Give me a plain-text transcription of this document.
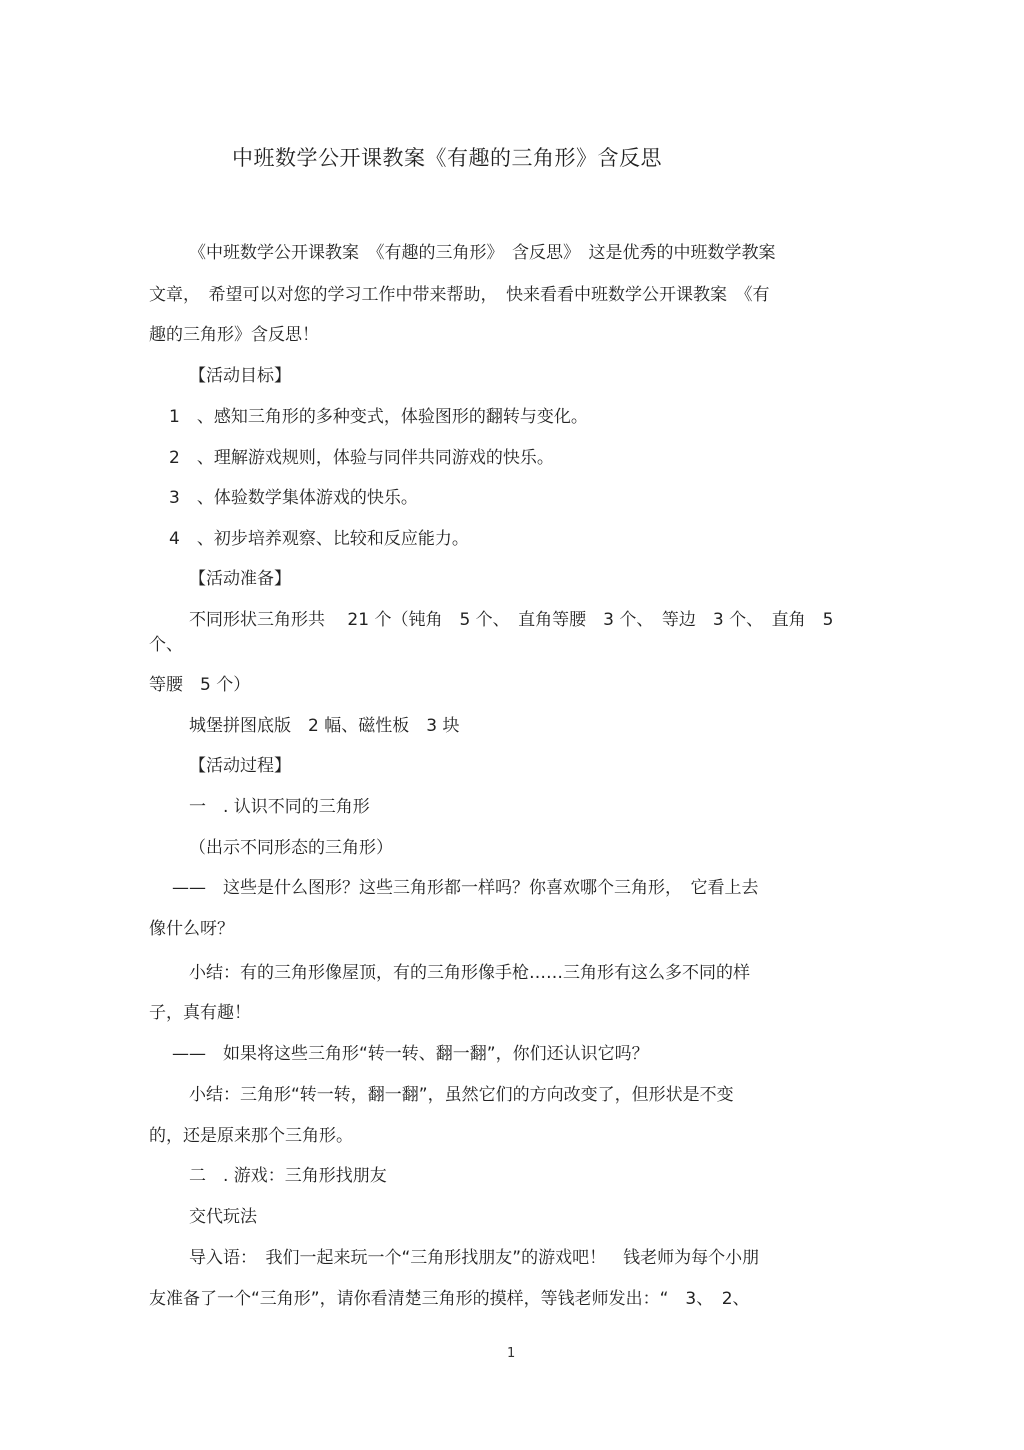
中班数学公开课教案《有趣的三角形》含反思
《中班数学公开课教案　《有趣的三角形》　含反思》　这是优秀的中班数学教案
文章，　希望可以对您的学习工作中带来帮助，　快来看看中班数学公开课教案　《有
趣的三角形》含反思！
【活动目标】
1　、感知三角形的多种变式，体验图形的翻转与变化。
2　、理解游戏规则，体验与同伴共同游戏的快乐。
3　、体验数学集体游戏的快乐。
4　、初步培养观察、比较和反应能力。
【活动准备】
不同形状三角形共　 21 个（钝角　5 个、　直角等腰　3 个、　等边　3 个、　直角　5
个、
等腰　5 个）
城堡拼图底版　2 幅、磁性板　3 块
【活动过程】
一　. 认识不同的三角形
（出示不同形态的三角形）
——　这些是什么图形？这些三角形都一样吗？你喜欢哪个三角形，　它看上去
像什么呀？
小结：有的三角形像屋顶，有的三角形像手枪……三角形有这么多不同的样
子，真有趣！
——　如果将这些三角形“转一转、翻一翻”，你们还认识它吗？
小结：三角形“转一转，翻一翻”，虽然它们的方向改变了，但形状是不变
的，还是原来那个三角形。
二　. 游戏：三角形找朋友
交代玩法
导入语：　我们一起来玩一个“三角形找朋友”的游戏吧！　钱老师为每个小朋
友准备了一个“三角形”，请你看清楚三角形的摸样，等钱老师发出：“　3、　2、
1
